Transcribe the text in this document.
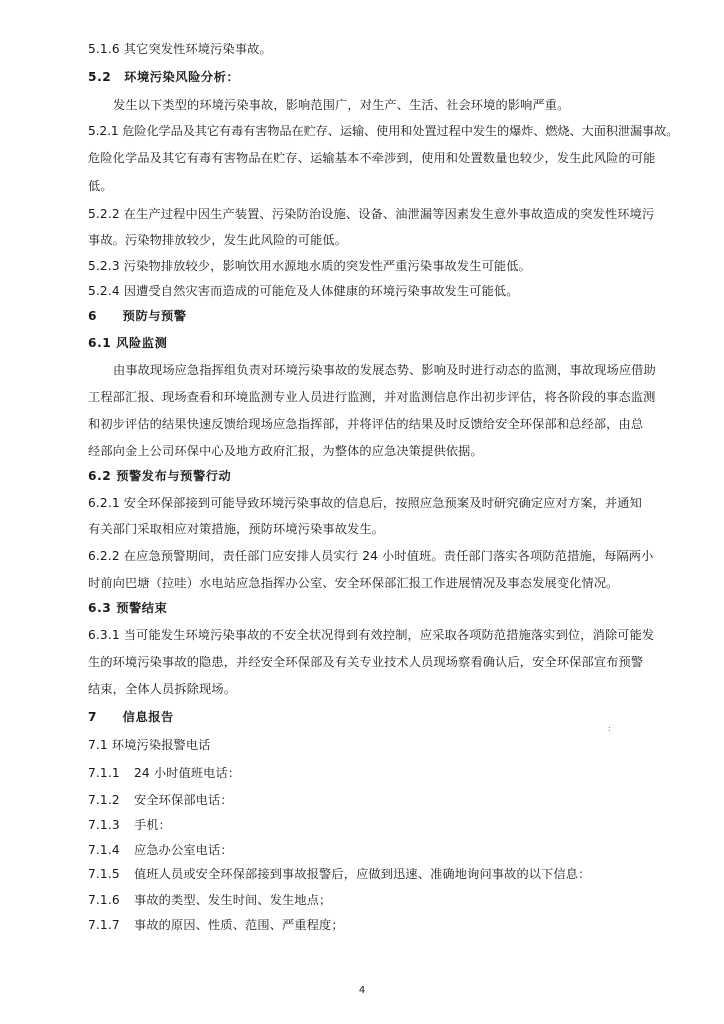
5.1.6 其它突发性环境污染事故。
5.2　环境污染风险分析：
发生以下类型的环境污染事故，影响范围广，对生产、生活、社会环境的影响严重。
5.2.1 危险化学品及其它有毒有害物品在贮存、运输、使用和处置过程中发生的爆炸、燃烧、大面积泄漏事故。
危险化学品及其它有毒有害物品在贮存、运输基本不牵涉到，使用和处置数量也较少，发生此风险的可能
低。
5.2.2 在生产过程中因生产装置、污染防治设施、设备、油泄漏等因素发生意外事故造成的突发性环境污
事故。污染物排放较少，发生此风险的可能低。
5.2.3 污染物排放较少，影响饮用水源地水质的突发性严重污染事故发生可能低。
5.2.4 因遭受自然灾害而造成的可能危及人体健康的环境污染事故发生可能低。
6　　预防与预警
6.1 风险监测
由事故现场应急指挥组负责对环境污染事故的发展态势、影响及时进行动态的监测，事故现场应借助
工程部汇报、现场查看和环境监测专业人员进行监测，并对监测信息作出初步评估，将各阶段的事态监测
和初步评估的结果快速反馈给现场应急指挥部，并将评估的结果及时反馈给安全环保部和总经部，由总
经部向金上公司环保中心及地方政府汇报，为整体的应急决策提供依据。
6.2 预警发布与预警行动
6.2.1 安全环保部接到可能导致环境污染事故的信息后，按照应急预案及时研究确定应对方案，并通知
有关部门采取相应对策措施，预防环境污染事故发生。
6.2.2 在应急预警期间，责任部门应安排人员实行 24 小时值班。责任部门落实各项防范措施，每隔两小
时前向巴塘（拉哇）水电站应急指挥办公室、安全环保部汇报工作进展情况及事态发展变化情况。
6.3 预警结束
6.3.1 当可能发生环境污染事故的不安全状况得到有效控制，应采取各项防范措施落实到位，消除可能发
生的环境污染事故的隐患，并经安全环保部及有关专业技术人员现场察看确认后，安全环保部宣布预警
结束，全体人员拆除现场。
7　　信息报告
7.1 环境污染报警电话
7.1.1 24 小时值班电话：
7.1.2 安全环保部电话：
7.1.3 手机：
7.1.4 应急办公室电话：
7.1.5 值班人员或安全环保部接到事故报警后，应做到迅速、准确地询问事故的以下信息：
7.1.6 事故的类型、发生时间、发生地点；
7.1.7 事故的原因、性质、范围、严重程度；
:
4
